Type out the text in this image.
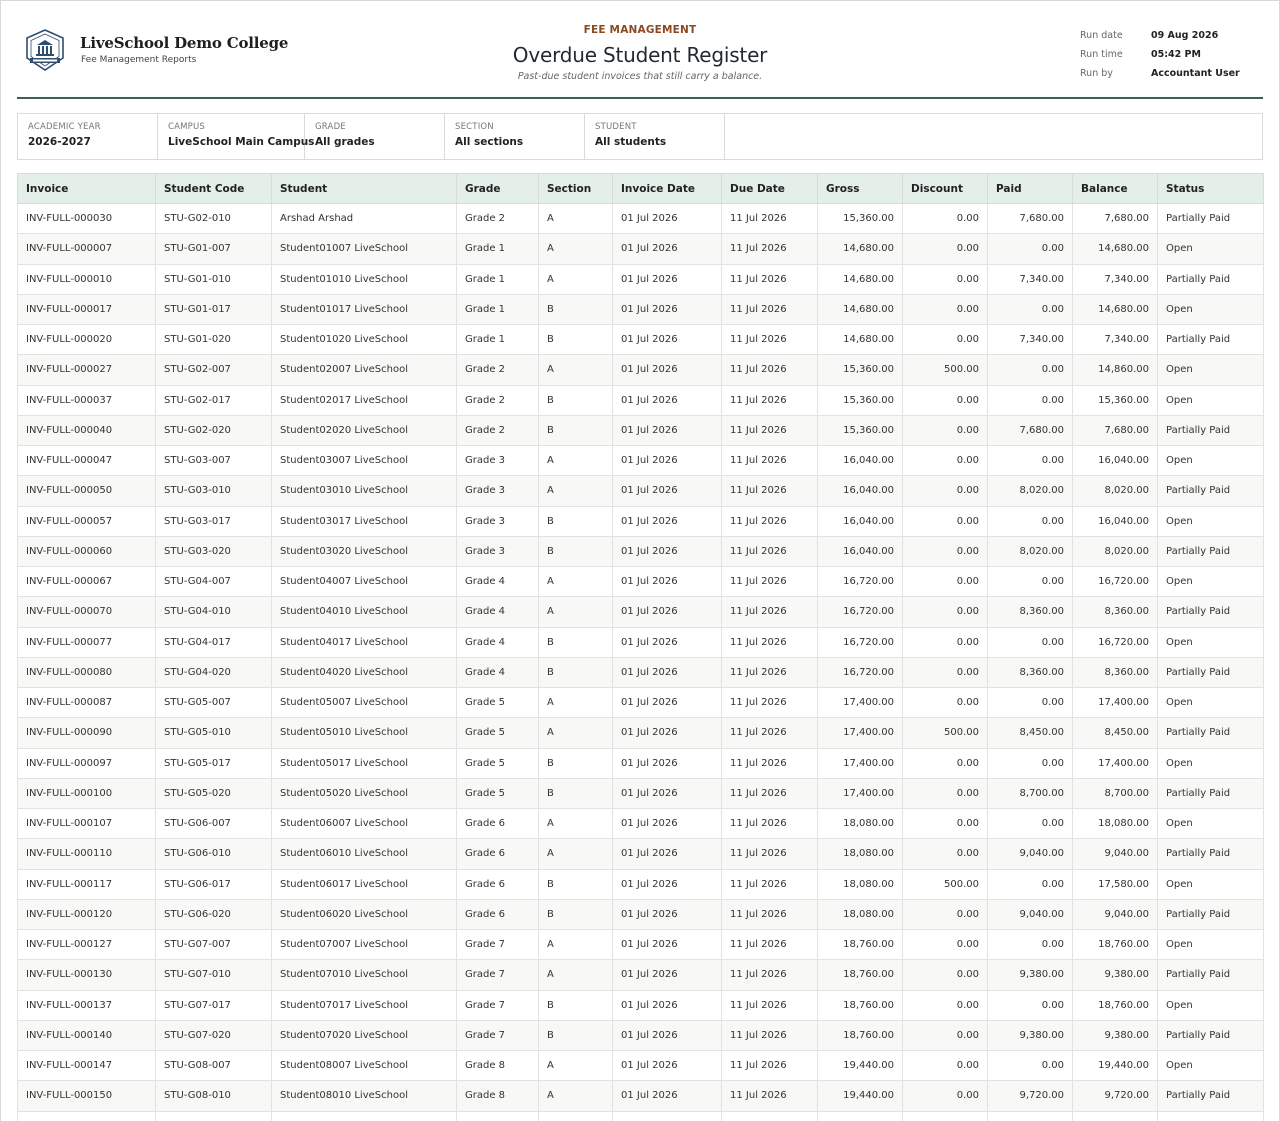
LiveSchool Demo College
Fee Management Reports
FEE MANAGEMENT
Overdue Student Register
Past-due student invoices that still carry a balance.
Run date	09 Aug 2026
Run time	05:42 PM
Run by	Accountant User
ACADEMIC YEAR
2026-2027
CAMPUS
LiveSchool Main Campus
GRADE
All grades
SECTION
All sections
STUDENT
All students
Invoice	Student Code	Student	Grade	Section	Invoice Date	Due Date	Gross	Discount	Paid	Balance	Status
INV-FULL-000030	STU-G02-010	Arshad Arshad	Grade 2	A	01 Jul 2026	11 Jul 2026	15,360.00	0.00	7,680.00	7,680.00	Partially Paid
INV-FULL-000007	STU-G01-007	Student01007 LiveSchool	Grade 1	A	01 Jul 2026	11 Jul 2026	14,680.00	0.00	0.00	14,680.00	Open
INV-FULL-000010	STU-G01-010	Student01010 LiveSchool	Grade 1	A	01 Jul 2026	11 Jul 2026	14,680.00	0.00	7,340.00	7,340.00	Partially Paid
INV-FULL-000017	STU-G01-017	Student01017 LiveSchool	Grade 1	B	01 Jul 2026	11 Jul 2026	14,680.00	0.00	0.00	14,680.00	Open
INV-FULL-000020	STU-G01-020	Student01020 LiveSchool	Grade 1	B	01 Jul 2026	11 Jul 2026	14,680.00	0.00	7,340.00	7,340.00	Partially Paid
INV-FULL-000027	STU-G02-007	Student02007 LiveSchool	Grade 2	A	01 Jul 2026	11 Jul 2026	15,360.00	500.00	0.00	14,860.00	Open
INV-FULL-000037	STU-G02-017	Student02017 LiveSchool	Grade 2	B	01 Jul 2026	11 Jul 2026	15,360.00	0.00	0.00	15,360.00	Open
INV-FULL-000040	STU-G02-020	Student02020 LiveSchool	Grade 2	B	01 Jul 2026	11 Jul 2026	15,360.00	0.00	7,680.00	7,680.00	Partially Paid
INV-FULL-000047	STU-G03-007	Student03007 LiveSchool	Grade 3	A	01 Jul 2026	11 Jul 2026	16,040.00	0.00	0.00	16,040.00	Open
INV-FULL-000050	STU-G03-010	Student03010 LiveSchool	Grade 3	A	01 Jul 2026	11 Jul 2026	16,040.00	0.00	8,020.00	8,020.00	Partially Paid
INV-FULL-000057	STU-G03-017	Student03017 LiveSchool	Grade 3	B	01 Jul 2026	11 Jul 2026	16,040.00	0.00	0.00	16,040.00	Open
INV-FULL-000060	STU-G03-020	Student03020 LiveSchool	Grade 3	B	01 Jul 2026	11 Jul 2026	16,040.00	0.00	8,020.00	8,020.00	Partially Paid
INV-FULL-000067	STU-G04-007	Student04007 LiveSchool	Grade 4	A	01 Jul 2026	11 Jul 2026	16,720.00	0.00	0.00	16,720.00	Open
INV-FULL-000070	STU-G04-010	Student04010 LiveSchool	Grade 4	A	01 Jul 2026	11 Jul 2026	16,720.00	0.00	8,360.00	8,360.00	Partially Paid
INV-FULL-000077	STU-G04-017	Student04017 LiveSchool	Grade 4	B	01 Jul 2026	11 Jul 2026	16,720.00	0.00	0.00	16,720.00	Open
INV-FULL-000080	STU-G04-020	Student04020 LiveSchool	Grade 4	B	01 Jul 2026	11 Jul 2026	16,720.00	0.00	8,360.00	8,360.00	Partially Paid
INV-FULL-000087	STU-G05-007	Student05007 LiveSchool	Grade 5	A	01 Jul 2026	11 Jul 2026	17,400.00	0.00	0.00	17,400.00	Open
INV-FULL-000090	STU-G05-010	Student05010 LiveSchool	Grade 5	A	01 Jul 2026	11 Jul 2026	17,400.00	500.00	8,450.00	8,450.00	Partially Paid
INV-FULL-000097	STU-G05-017	Student05017 LiveSchool	Grade 5	B	01 Jul 2026	11 Jul 2026	17,400.00	0.00	0.00	17,400.00	Open
INV-FULL-000100	STU-G05-020	Student05020 LiveSchool	Grade 5	B	01 Jul 2026	11 Jul 2026	17,400.00	0.00	8,700.00	8,700.00	Partially Paid
INV-FULL-000107	STU-G06-007	Student06007 LiveSchool	Grade 6	A	01 Jul 2026	11 Jul 2026	18,080.00	0.00	0.00	18,080.00	Open
INV-FULL-000110	STU-G06-010	Student06010 LiveSchool	Grade 6	A	01 Jul 2026	11 Jul 2026	18,080.00	0.00	9,040.00	9,040.00	Partially Paid
INV-FULL-000117	STU-G06-017	Student06017 LiveSchool	Grade 6	B	01 Jul 2026	11 Jul 2026	18,080.00	500.00	0.00	17,580.00	Open
INV-FULL-000120	STU-G06-020	Student06020 LiveSchool	Grade 6	B	01 Jul 2026	11 Jul 2026	18,080.00	0.00	9,040.00	9,040.00	Partially Paid
INV-FULL-000127	STU-G07-007	Student07007 LiveSchool	Grade 7	A	01 Jul 2026	11 Jul 2026	18,760.00	0.00	0.00	18,760.00	Open
INV-FULL-000130	STU-G07-010	Student07010 LiveSchool	Grade 7	A	01 Jul 2026	11 Jul 2026	18,760.00	0.00	9,380.00	9,380.00	Partially Paid
INV-FULL-000137	STU-G07-017	Student07017 LiveSchool	Grade 7	B	01 Jul 2026	11 Jul 2026	18,760.00	0.00	0.00	18,760.00	Open
INV-FULL-000140	STU-G07-020	Student07020 LiveSchool	Grade 7	B	01 Jul 2026	11 Jul 2026	18,760.00	0.00	9,380.00	9,380.00	Partially Paid
INV-FULL-000147	STU-G08-007	Student08007 LiveSchool	Grade 8	A	01 Jul 2026	11 Jul 2026	19,440.00	0.00	0.00	19,440.00	Open
INV-FULL-000150	STU-G08-010	Student08010 LiveSchool	Grade 8	A	01 Jul 2026	11 Jul 2026	19,440.00	0.00	9,720.00	9,720.00	Partially Paid
